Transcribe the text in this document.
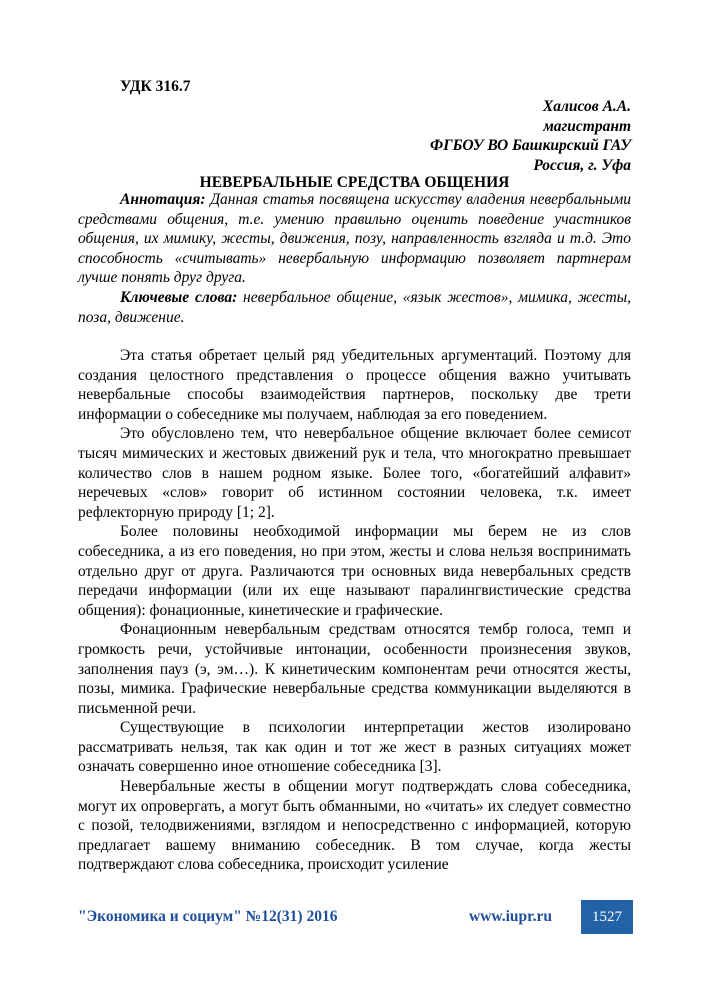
УДК 316.7
Халисов А.А.
магистрант
ФГБОУ ВО Башкирский ГАУ
Россия, г. Уфа
НЕВЕРБАЛЬНЫЕ СРЕДСТВА ОБЩЕНИЯ

Аннотация: Данная статья посвящена искусству владения невербальными средствами общения, т.е. умению правильно оценить поведение участников общения, их мимику, жесты, движения, позу, направленность взгляда и т.д. Это способность «считывать» невербальную информацию позволяет партнерам лучше понять друг друга.

Ключевые слова: невербальное общение, «язык жестов», мимика, жесты, поза, движение.

Эта статья обретает целый ряд убедительных аргументаций. Поэтому для создания целостного представления о процессе общения важно учитывать невербальные способы взаимодействия партнеров, поскольку две трети информации о собеседнике мы получаем, наблюдая за его поведением.

Это обусловлено тем, что невербальное общение включает более семисот тысяч мимических и жестовых движений рук и тела, что многократно превышает количество слов в нашем родном языке. Более того, «богатейший алфавит» неречевых «слов» говорит об истинном состоянии человека, т.к. имеет рефлекторную природу [1; 2].

Более половины необходимой информации мы берем не из слов собеседника, а из его поведения, но при этом, жесты и слова нельзя воспринимать отдельно друг от друга. Различаются три основных вида невербальных средств передачи информации (или их еще называют паралингвистические средства общения): фонационные, кинетические и графические.

Фонационным невербальным средствам относятся тембр голоса, темп и громкость речи, устойчивые интонации, особенности произнесения звуков, заполнения пауз (э, эм…). К кинетическим компонентам речи относятся жесты, позы, мимика. Графические невербальные средства коммуникации выделяются в письменной речи.

Существующие в психологии интерпретации жестов изолировано рассматривать нельзя, так как один и тот же жест в разных ситуациях может означать совершенно иное отношение собеседника [3].

Невербальные жесты в общении могут подтверждать слова собеседника, могут их опровергать, а могут быть обманными, но «читать» их следует совместно с позой, телодвижениями, взглядом и непосредственно с информацией, которую предлагает вашему вниманию собеседник. В том случае, когда жесты подтверждают слова собеседника, происходит усиление

"Экономика и социум" №12(31) 2016	www.iupr.ru	1527
